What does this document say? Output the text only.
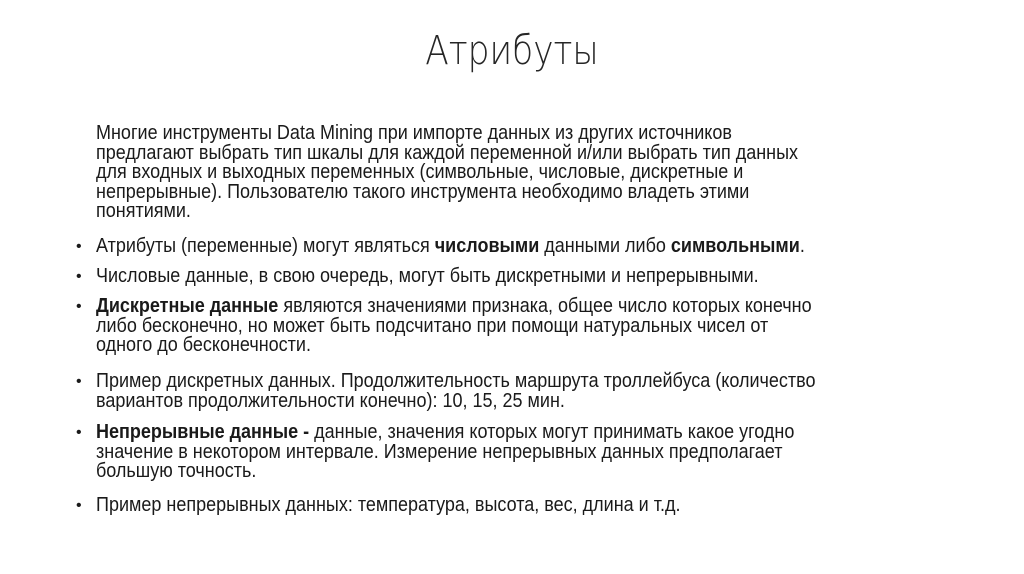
Атрибуты
Многие инструменты Data Mining при импорте данных из других источников
предлагают выбрать тип шкалы для каждой переменной и/или выбрать тип данных
для входных и выходных переменных (символьные, числовые, дискретные и
непрерывные). Пользователю такого инструмента необходимо владеть этими
понятиями.
• Атрибуты (переменные) могут являться числовыми данными либо символьными.
• Числовые данные, в свою очередь, могут быть дискретными и непрерывными.
• Дискретные данные являются значениями признака, общее число которых конечно
либо бесконечно, но может быть подсчитано при помощи натуральных чисел от
одного до бесконечности.
• Пример дискретных данных. Продолжительность маршрута троллейбуса (количество
вариантов продолжительности конечно): 10, 15, 25 мин.
• Непрерывные данные - данные, значения которых могут принимать какое угодно
значение в некотором интервале. Измерение непрерывных данных предполагает
большую точность.
• Пример непрерывных данных: температура, высота, вес, длина и т.д.
